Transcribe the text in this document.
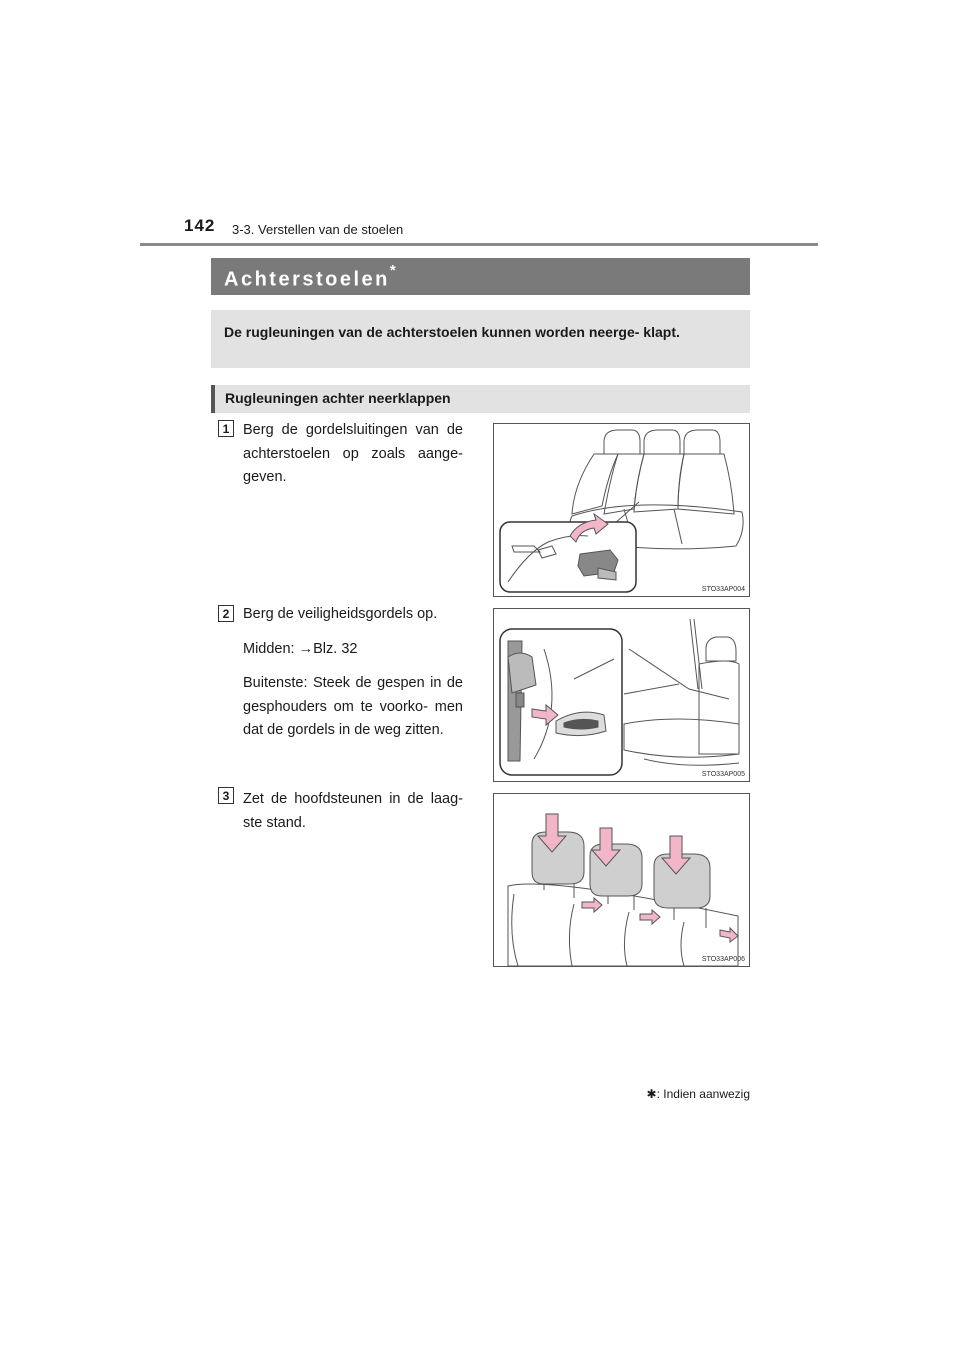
142 3-3. Verstellen van de stoelen
Achterstoelen*
De rugleuningen van de achterstoelen kunnen worden neerge- klapt.
Rugleuningen achter neerklappen
1 Berg de gordelsluitingen van de achterstoelen op zoals aange- geven.

STO33AP004
2 Berg de veiligheidsgordels op.

Midden: →Blz. 32

Buitenste: Steek de gespen in de gesphouders om te voorko- men dat de gordels in de weg zitten.

STO33AP005
3 Zet de hoofdsteunen in de laag- ste stand.

STO33AP006
✱: Indien aanwezig
